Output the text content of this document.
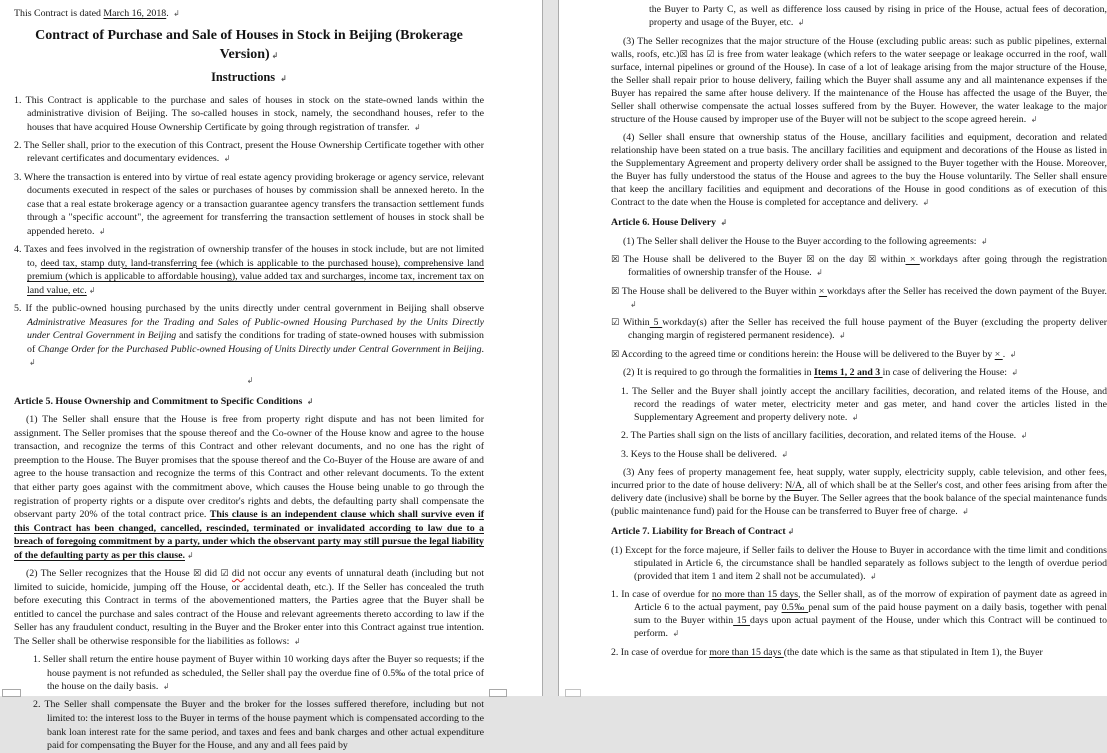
This Contract is dated March 16, 2018. ↲
Contract of Purchase and Sale of Houses in Stock in Beijing (Brokerage Version) ↲
Instructions ↲
1. This Contract is applicable to the purchase and sales of houses in stock on the state-owned lands within the administrative division of Beijing. The so-called houses in stock, namely, the secondhand houses, refer to the houses that have acquired House Ownership Certificate by going through registration of transfer. ↲
2. The Seller shall, prior to the execution of this Contract, present the House Ownership Certificate together with other relevant certificates and documentary evidences. ↲
3. Where the transaction is entered into by virtue of real estate agency providing brokerage or agency service, relevant documents executed in respect of the sales or purchases of houses by commission shall be annexed hereto. In the case that a real estate brokerage agency or a transaction guarantee agency transfers the transaction settlement funds through a "specific account", the agreement for transferring the transaction settlement of houses in stock shall be appended hereto. ↲
4. Taxes and fees involved in the registration of ownership transfer of the houses in stock include, but are not limited to, deed tax, stamp duty, land-transferring fee (which is applicable to the purchased house), comprehensive land premium (which is applicable to affordable housing), value added tax and surcharges, income tax, increment tax on land value, etc. ↲
5. If the public-owned housing purchased by the units directly under central government in Beijing shall observe Administrative Measures for the Trading and Sales of Public-owned Housing Purchased by the Units Directly under Central Government in Beijing and satisfy the conditions for trading of state-owned houses with submission of Change Order for the Purchased Public-owned Housing of Units Directly under Central Government in Beijing. ↲
↲
Article 5. House Ownership and Commitment to Specific Conditions ↲
(1) The Seller shall ensure that the House is free from property right dispute and has not been limited for assignment. The Seller promises that the spouse thereof and the Co-owner of the House know and agree to the house transaction, and recognize the terms of this Contract and other relevant documents, and no one has the right of preemption to the House. The Buyer promises that the spouse thereof and the Co-Buyer of the House are aware of and agree to the house transaction and recognize the terms of this Contract and other relevant documents. To the extent that either party goes against with the commitment above, which causes the House being unable to go through the registration of property rights or a dispute over creditor's rights and debts, the defaulting party shall compensate the observant party 20% of the total contract price. This clause is an independent clause which shall survive even if this Contract has been changed, cancelled, rescinded, terminated or invalidated according to law due to a breach of foregoing commitment by a party, under which the observant party may still pursue the legal liability of the defaulting party as per this clause. ↲
(2) The Seller recognizes that the House ☒ did ☑ did not occur any events of unnatural death (including but not limited to suicide, homicide, jumping off the House, or accidental death, etc.). If the Seller has concealed the truth before executing this Contract in terms of the abovementioned matters, the Parties agree that the Buyer shall be entitled to cancel the purchase and sales contract of the House and relevant agreements thereto according to law if the Seller has any fraudulent conduct, resulting in the Buyer and the Broker enter into this Contract against true intention. The Seller shall be otherwise responsible for the liabilities as follows: ↲
1. Seller shall return the entire house payment of Buyer within 10 working days after the Buyer so requests; if the house payment is not refunded as scheduled, the Seller shall pay the overdue fine of 0.5‰ of the total price of the house on the daily basis. ↲
2. The Seller shall compensate the Buyer and the broker for the losses suffered therefore, including but not limited to: the interest loss to the Buyer in terms of the house payment which is compensated according to the bank loan interest rate for the same period, and taxes and fees and bank charges and other actual expenditure paid for compensating the Buyer for the House, and any and all fees paid by
the Buyer to Party C, as well as difference loss caused by rising in price of the House, actual fees of decoration, property and usage of the Buyer, etc. ↲
(3) The Seller recognizes that the major structure of the House (excluding public areas: such as public pipelines, external walls, roofs, etc.)☒ has ☑ is free from water leakage (which refers to the water seepage or leakage occurred in the roof, wall surface, internal pipelines or ground of the House). In case of a lot of leakage arising from the major structure of the House, the Seller shall repair prior to house delivery, failing which the Buyer shall assume any and all maintenance expenses if the Buyer has repaired the same after house delivery. If the maintenance of the House has affected the usage of the Buyer, the Seller shall otherwise compensate the actual losses suffered from by the Buyer. However, the water leakage to the major structure of the House caused by improper use of the Buyer will not be subject to the scope agreed herein. ↲
(4) Seller shall ensure that ownership status of the House, ancillary facilities and equipment, decoration and related relationship have been stated on a true basis. The ancillary facilities and equipment and decorations of the House as listed in the Supplementary Agreement and property delivery order shall be assigned to the Buyer together with the House. Moreover, the Buyer has fully understood the status of the House and agrees to the buy the House voluntarily. The Seller shall ensure that keep the ancillary facilities and equipment and decorations of the House in good conditions as of execution of this Contract to the date when the House is completed for acceptance and delivery. ↲
Article 6. House Delivery ↲
(1) The Seller shall deliver the House to the Buyer according to the following agreements: ↲
☒ The House shall be delivered to the Buyer ☒ on the day ☒ within × workdays after going through the registration formalities of ownership transfer of the House. ↲
☒ The House shall be delivered to the Buyer within × workdays after the Seller has received the down payment of the Buyer. ↲
☑ Within 5 workday(s) after the Seller has received the full house payment of the Buyer (excluding the property deliver changing margin of registered permanent residence). ↲
☒ According to the agreed time or conditions herein: the House will be delivered to the Buyer by × . ↲
(2) It is required to go through the formalities in Items 1, 2 and 3 in case of delivering the House: ↲
1. The Seller and the Buyer shall jointly accept the ancillary facilities, decoration, and related items of the House, and record the readings of water meter, electricity meter and gas meter, and hand cover the articles listed in the Supplementary Agreement and property delivery note. ↲
2. The Parties shall sign on the lists of ancillary facilities, decoration, and related items of the House. ↲
3. Keys to the House shall be delivered. ↲
(3) Any fees of property management fee, heat supply, water supply, electricity supply, cable television, and other fees, incurred prior to the date of house delivery: N/A, all of which shall be at the Seller's cost, and other fees arising from after the delivery date (inclusive) shall be borne by the Buyer. The Seller agrees that the book balance of the special maintenance funds (public maintenance fund) paid for the House can be transferred to Buyer free of charge. ↲
Article 7. Liability for Breach of Contract ↲
(1) Except for the force majeure, if Seller fails to deliver the House to Buyer in accordance with the time limit and conditions stipulated in Article 6, the circumstance shall be handled separately as follows subject to the length of overdue period (provided that item 1 and item 2 shall not be accumulated). ↲
1. In case of overdue for no more than 15 days, the Seller shall, as of the morrow of expiration of payment date as agreed in Article 6 to the actual payment, pay 0.5‰ penal sum of the paid house payment on a daily basis, together with penal sum to the Buyer within 15 days upon actual payment of the House, under which this Contract will be continued to perform. ↲
2. In case of overdue for more than 15 days (the date which is the same as that stipulated in Item 1), the Buyer
